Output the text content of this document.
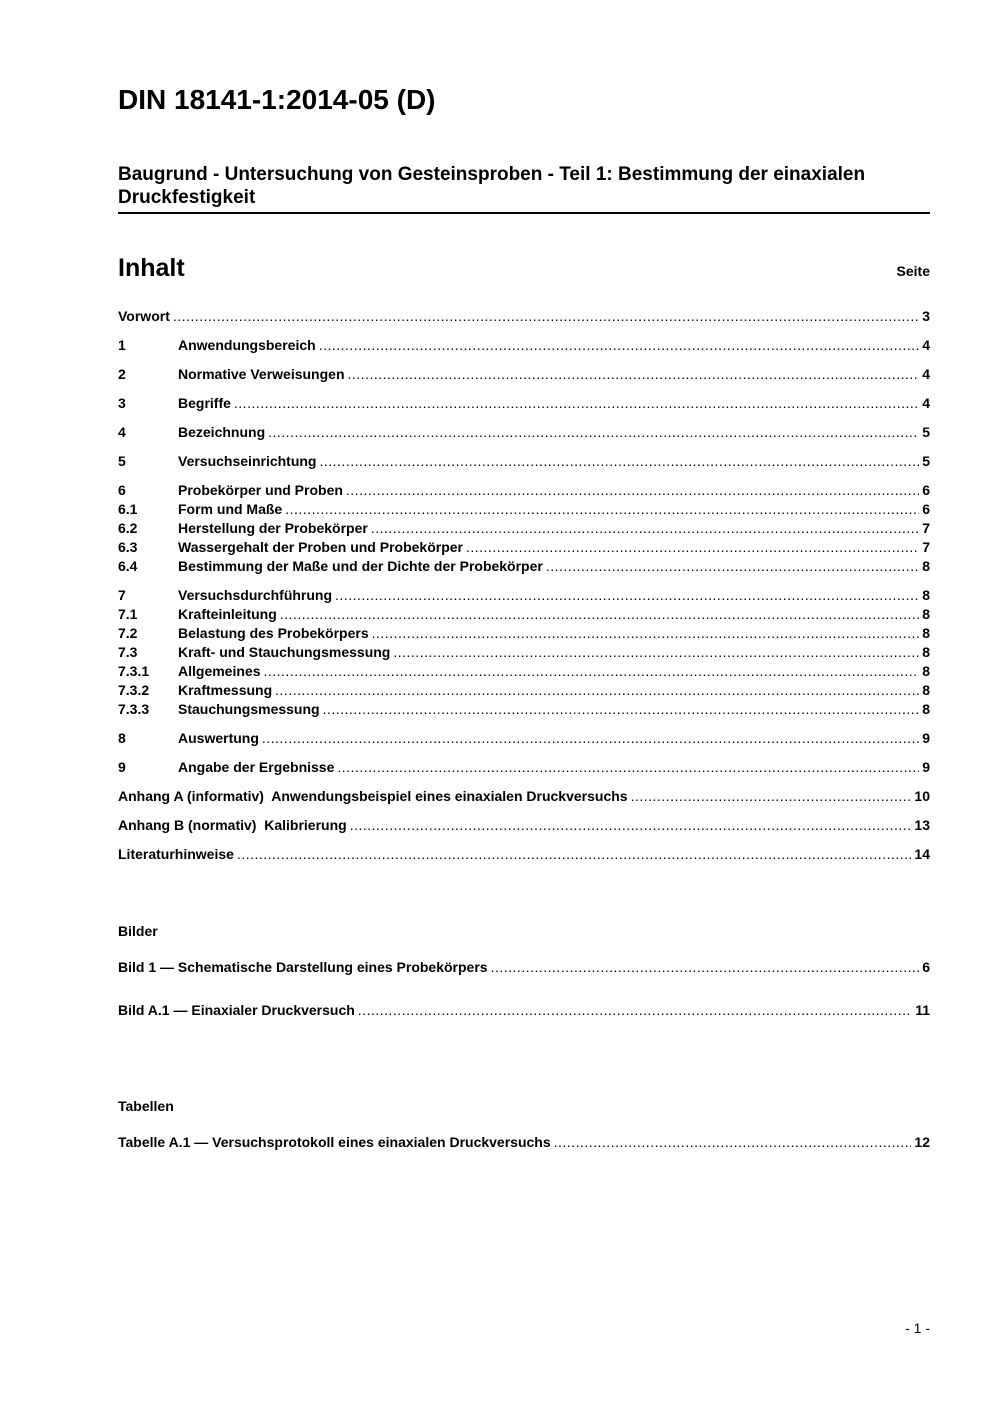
DIN 18141-1:2014-05 (D)
Baugrund - Untersuchung von Gesteinsproben - Teil 1: Bestimmung der einaxialen Druckfestigkeit
Inhalt	Seite
Vorwort .....	3
1	Anwendungsbereich .....	4
2	Normative Verweisungen .....	4
3	Begriffe .....	4
4	Bezeichnung .....	5
5	Versuchseinrichtung .....	5
6	Probekörper und Proben .....	6
6.1	Form und Maße .....	6
6.2	Herstellung der Probekörper .....	7
6.3	Wassergehalt der Proben und Probekörper .....	7
6.4	Bestimmung der Maße und der Dichte der Probekörper .....	8
7	Versuchsdurchführung .....	8
7.1	Krafteinleitung .....	8
7.2	Belastung des Probekörpers .....	8
7.3	Kraft- und Stauchungsmessung .....	8
7.3.1	Allgemeines .....	8
7.3.2	Kraftmessung .....	8
7.3.3	Stauchungsmessung .....	8
8	Auswertung .....	9
9	Angabe der Ergebnisse .....	9
Anhang A (informativ)  Anwendungsbeispiel eines einaxialen Druckversuchs .....	10
Anhang B (normativ)  Kalibrierung .....	13
Literaturhinweise .....	14
Bilder
Bild 1 — Schematische Darstellung eines Probekörpers .....	6
Bild A.1 — Einaxialer Druckversuch .....	11
Tabellen
Tabelle A.1 — Versuchsprotokoll eines einaxialen Druckversuchs .....	12
- 1 -
